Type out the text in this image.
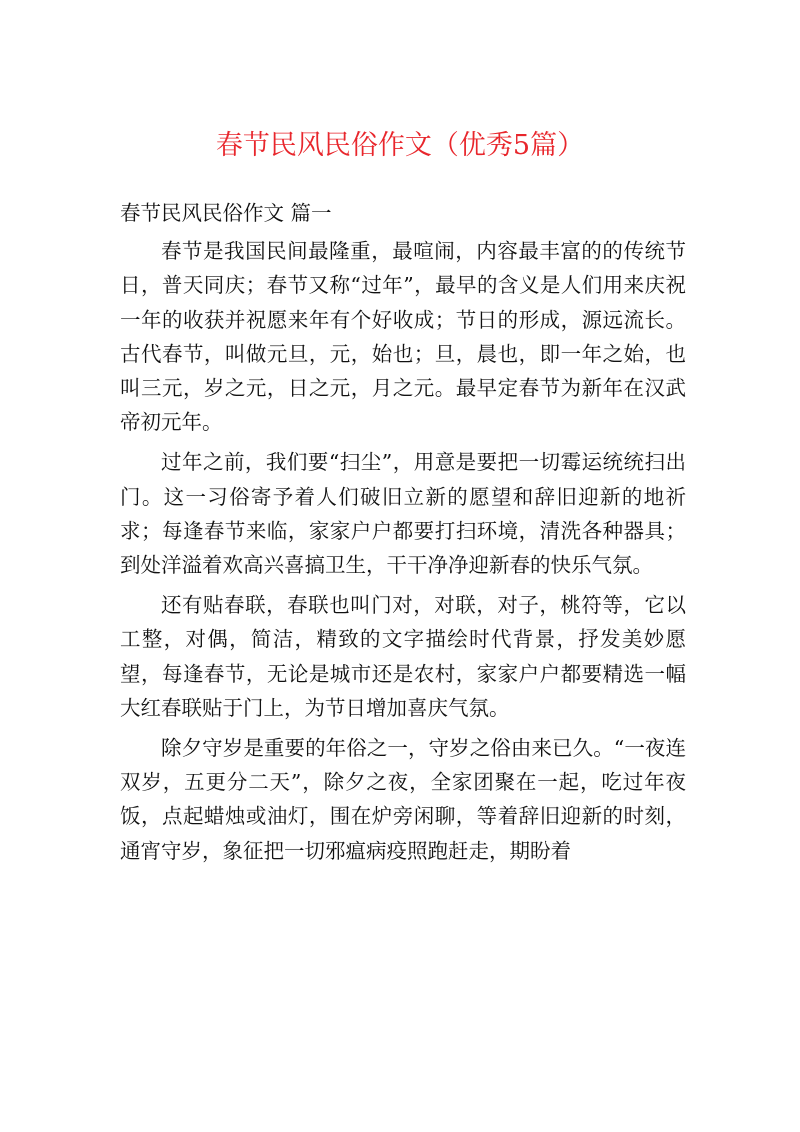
春节民风民俗作文（优秀5篇）

春节民风民俗作文 篇一

春节是我国民间最隆重，最喧闹，内容最丰富的的传统节日，普天同庆；春节又称“过年”，最早的含义是人们用来庆祝一年的收获并祝愿来年有个好收成；节日的形成，源远流长。古代春节，叫做元旦，元，始也；旦，晨也，即一年之始，也叫三元，岁之元，日之元，月之元。最早定春节为新年在汉武帝初元年。

过年之前，我们要“扫尘”，用意是要把一切霉运统统扫出门。这一习俗寄予着人们破旧立新的愿望和辞旧迎新的地祈求；每逢春节来临，家家户户都要打扫环境，清洗各种器具；到处洋溢着欢高兴喜搞卫生，干干净净迎新春的快乐气氛。

还有贴春联，春联也叫门对，对联，对子，桃符等，它以工整，对偶，简洁，精致的文字描绘时代背景，抒发美妙愿望，每逢春节，无论是城市还是农村，家家户户都要精选一幅大红春联贴于门上，为节日增加喜庆气氛。

除夕守岁是重要的年俗之一，守岁之俗由来已久。“一夜连双岁，五更分二天”，除夕之夜，全家团聚在一起，吃过年夜饭，点起蜡烛或油灯，围在炉旁闲聊，等着辞旧迎新的时刻，通宵守岁，象征把一切邪瘟病疫照跑赶走，期盼着
